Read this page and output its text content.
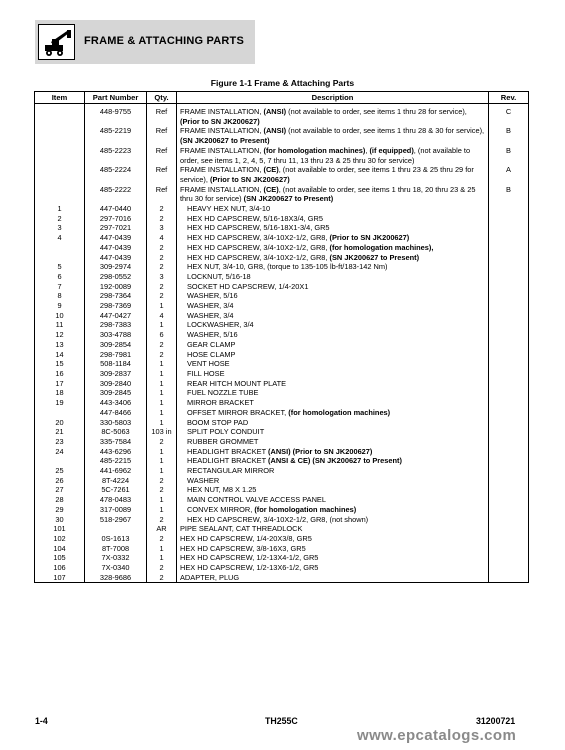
FRAME & ATTACHING PARTS
Figure 1-1 Frame & Attaching Parts
Item	Part Number	Qty.	Description	Rev.

	448-9755	Ref	FRAME INSTALLATION, (ANSI) (not available to order, see items 1 thru 28 for service), (Prior to SN JK200627)	C
	485-2219	Ref	FRAME INSTALLATION, (ANSI) (not available to order, see items 1 thru 28 & 30 for service), (SN JK200627 to Present)	B
	485-2223	Ref	FRAME INSTALLATION, (for homologation machines), (if equipped), (not available to order, see items 1, 2, 4, 5, 7 thru 11, 13 thru 23 & 25 thru 30 for service)	B
	485-2224	Ref	FRAME INSTALLATION, (CE), (not available to order, see items 1 thru 23 & 25 thru 29 for service), (Prior to SN JK200627)	A
	485-2222	Ref	FRAME INSTALLATION, (CE), (not available to order, see items 1 thru 18, 20 thru 23 & 25 thru 30 for service) (SN JK200627 to Present)	B
1	447-0440	2	HEAVY HEX NUT, 3/4-10	
2	297-7016	2	HEX HD CAPSCREW, 5/16-18X3/4, GR5	
3	297-7021	3	HEX HD CAPSCREW, 5/16-18X1-3/4, GR5	
4	447-0439	4	HEX HD CAPSCREW, 3/4-10X2-1/2, GR8, (Prior to SN JK200627)	
	447-0439	2	HEX HD CAPSCREW, 3/4-10X2-1/2, GR8, (for homologation machines),	
	447-0439	2	HEX HD CAPSCREW, 3/4-10X2-1/2, GR8, (SN JK200627 to Present)	
5	309-2974	2	HEX NUT, 3/4-10, GR8, (torque to 135-105 lb-ft/183-142 Nm)	
6	298-0552	3	LOCKNUT, 5/16-18	
7	192-0089	2	SOCKET HD CAPSCREW, 1/4-20X1	
8	298-7364	2	WASHER, 5/16	
9	298-7369	1	WASHER, 3/4	
10	447-0427	4	WASHER, 3/4	
11	298-7383	1	LOCKWASHER, 3/4	
12	303-4788	6	WASHER, 5/16	
13	309-2854	2	GEAR CLAMP	
14	298-7981	2	HOSE CLAMP	
15	508-1184	1	VENT HOSE	
16	309-2837	1	FILL HOSE	
17	309-2840	1	REAR HITCH MOUNT PLATE	
18	309-2845	1	FUEL NOZZLE TUBE	
19	443-3406	1	MIRROR BRACKET	
	447-8466	1	OFFSET MIRROR BRACKET, (for homologation machines)	
20	330-5803	1	BOOM STOP PAD	
21	8C-5063	103 in	SPLIT POLY CONDUIT	
23	335-7584	2	RUBBER GROMMET	
24	443-6296	1	HEADLIGHT BRACKET (ANSI) (Prior to SN JK200627)	
	485-2215	1	HEADLIGHT BRACKET (ANSI & CE) (SN JK200627 to Present)	
25	441-6962	1	RECTANGULAR MIRROR	
26	8T-4224	2	WASHER	
27	5C-7261	2	HEX NUT, M8 X 1.25	
28	478-0483	1	MAIN CONTROL VALVE ACCESS PANEL	
29	317-0089	1	CONVEX MIRROR, (for homologation machines)	
30	518-2967	2	HEX HD CAPSCREW, 3/4-10X2-1/2, GR8, (not shown)	
101		AR	PIPE SEALANT, CAT THREADLOCK	
102	0S-1613	2	HEX HD CAPSCREW, 1/4-20X3/8, GR5	
104	8T-7008	1	HEX HD CAPSCREW, 3/8-16X3, GR5	
105	7X-0332	1	HEX HD CAPSCREW, 1/2-13X4-1/2, GR5	
106	7X-0340	2	HEX HD CAPSCREW, 1/2-13X6-1/2, GR5	
107	328-9686	2	ADAPTER, PLUG	
1-4	TH255C	31200721
www.epcatalogs.com
